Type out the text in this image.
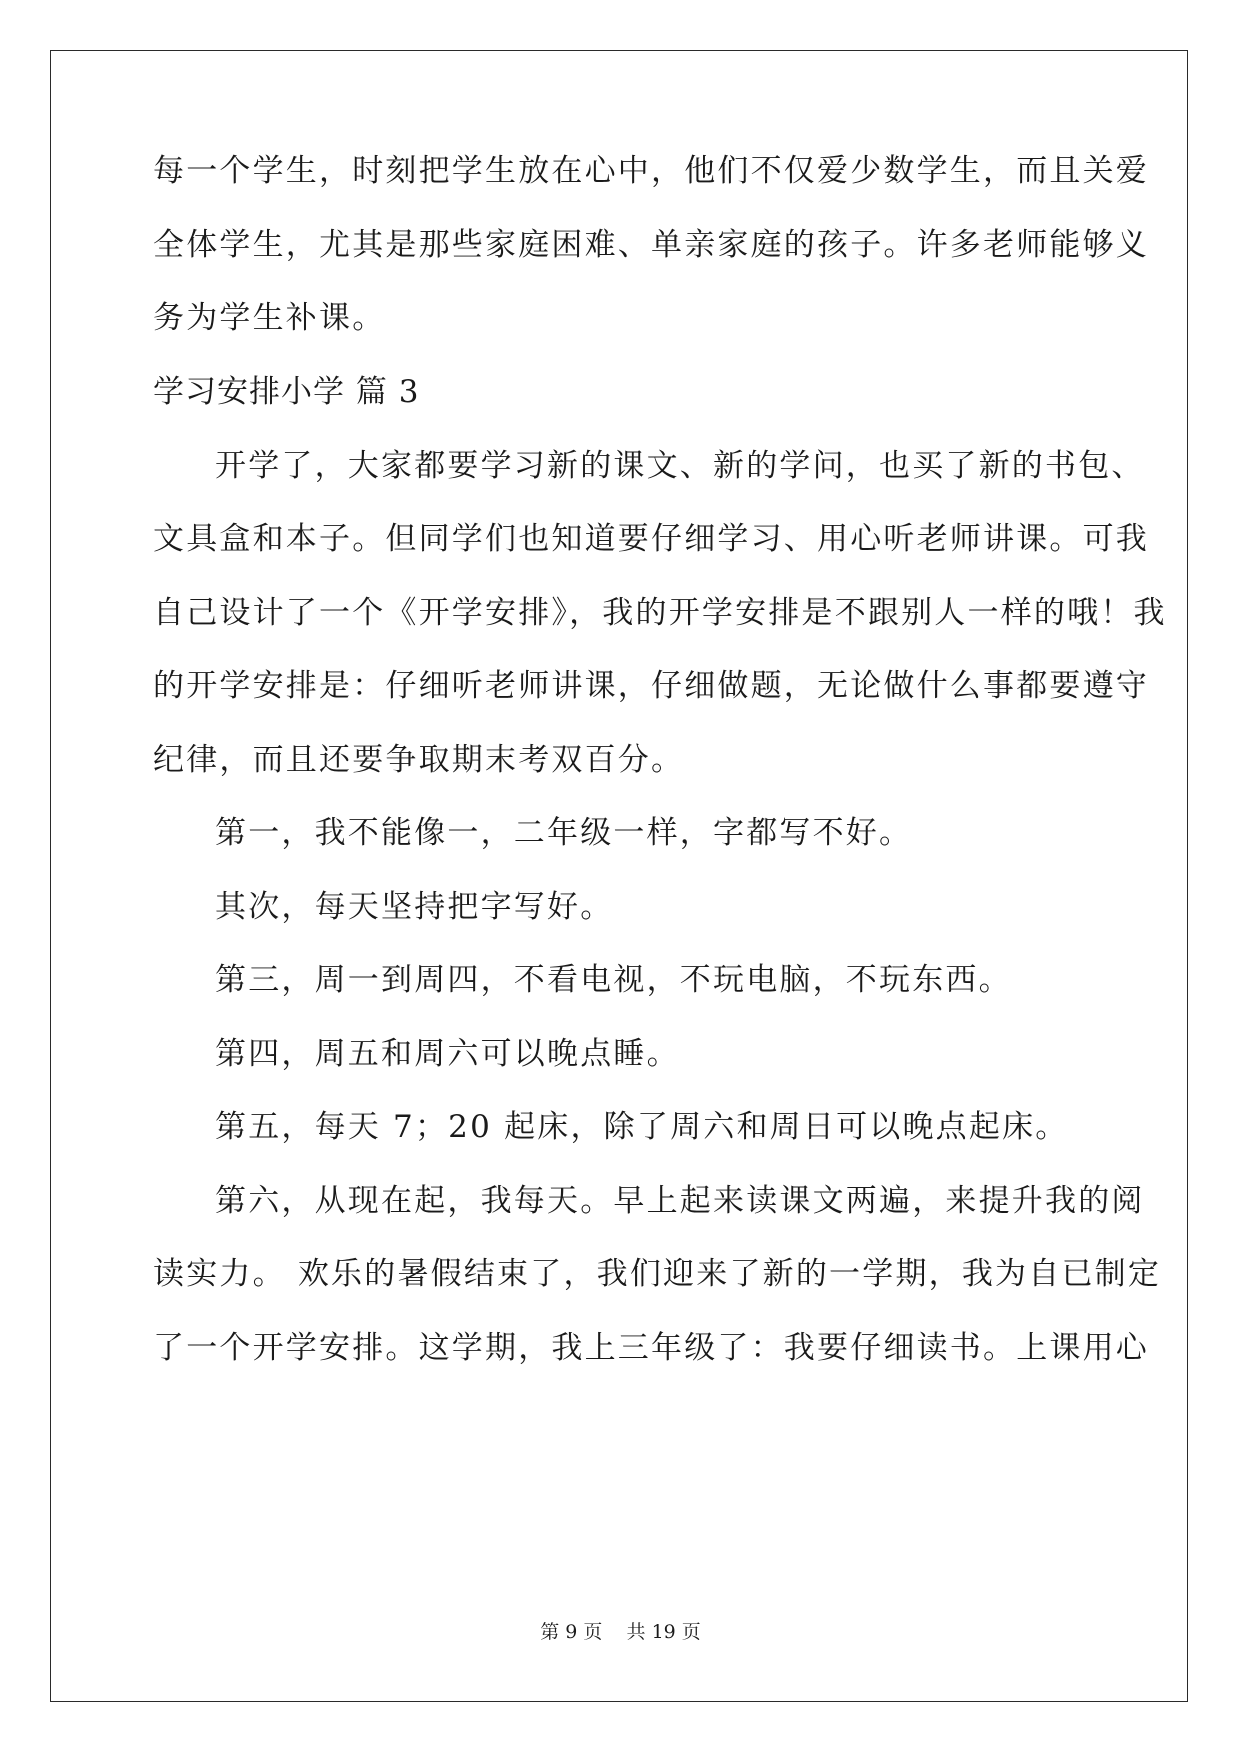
每一个学生，时刻把学生放在心中，他们不仅爱少数学生，而且关爱
全体学生，尤其是那些家庭困难、单亲家庭的孩子。许多老师能够义
务为学生补课。
学习安排小学 篇 3
开学了，大家都要学习新的课文、新的学问，也买了新的书包、
文具盒和本子。但同学们也知道要仔细学习、用心听老师讲课。可我
自己设计了一个《开学安排》，我的开学安排是不跟别人一样的哦！我
的开学安排是：仔细听老师讲课，仔细做题，无论做什么事都要遵守
纪律，而且还要争取期末考双百分。
第一，我不能像一，二年级一样，字都写不好。
其次，每天坚持把字写好。
第三，周一到周四，不看电视，不玩电脑，不玩东西。
第四，周五和周六可以晚点睡。
第五，每天 7；20 起床，除了周六和周日可以晚点起床。
第六，从现在起，我每天。早上起来读课文两遍，来提升我的阅
读实力。 欢乐的暑假结束了，我们迎来了新的一学期，我为自已制定
了一个开学安排。这学期，我上三年级了：我要仔细读书。上课用心
第 9 页 共 19 页
